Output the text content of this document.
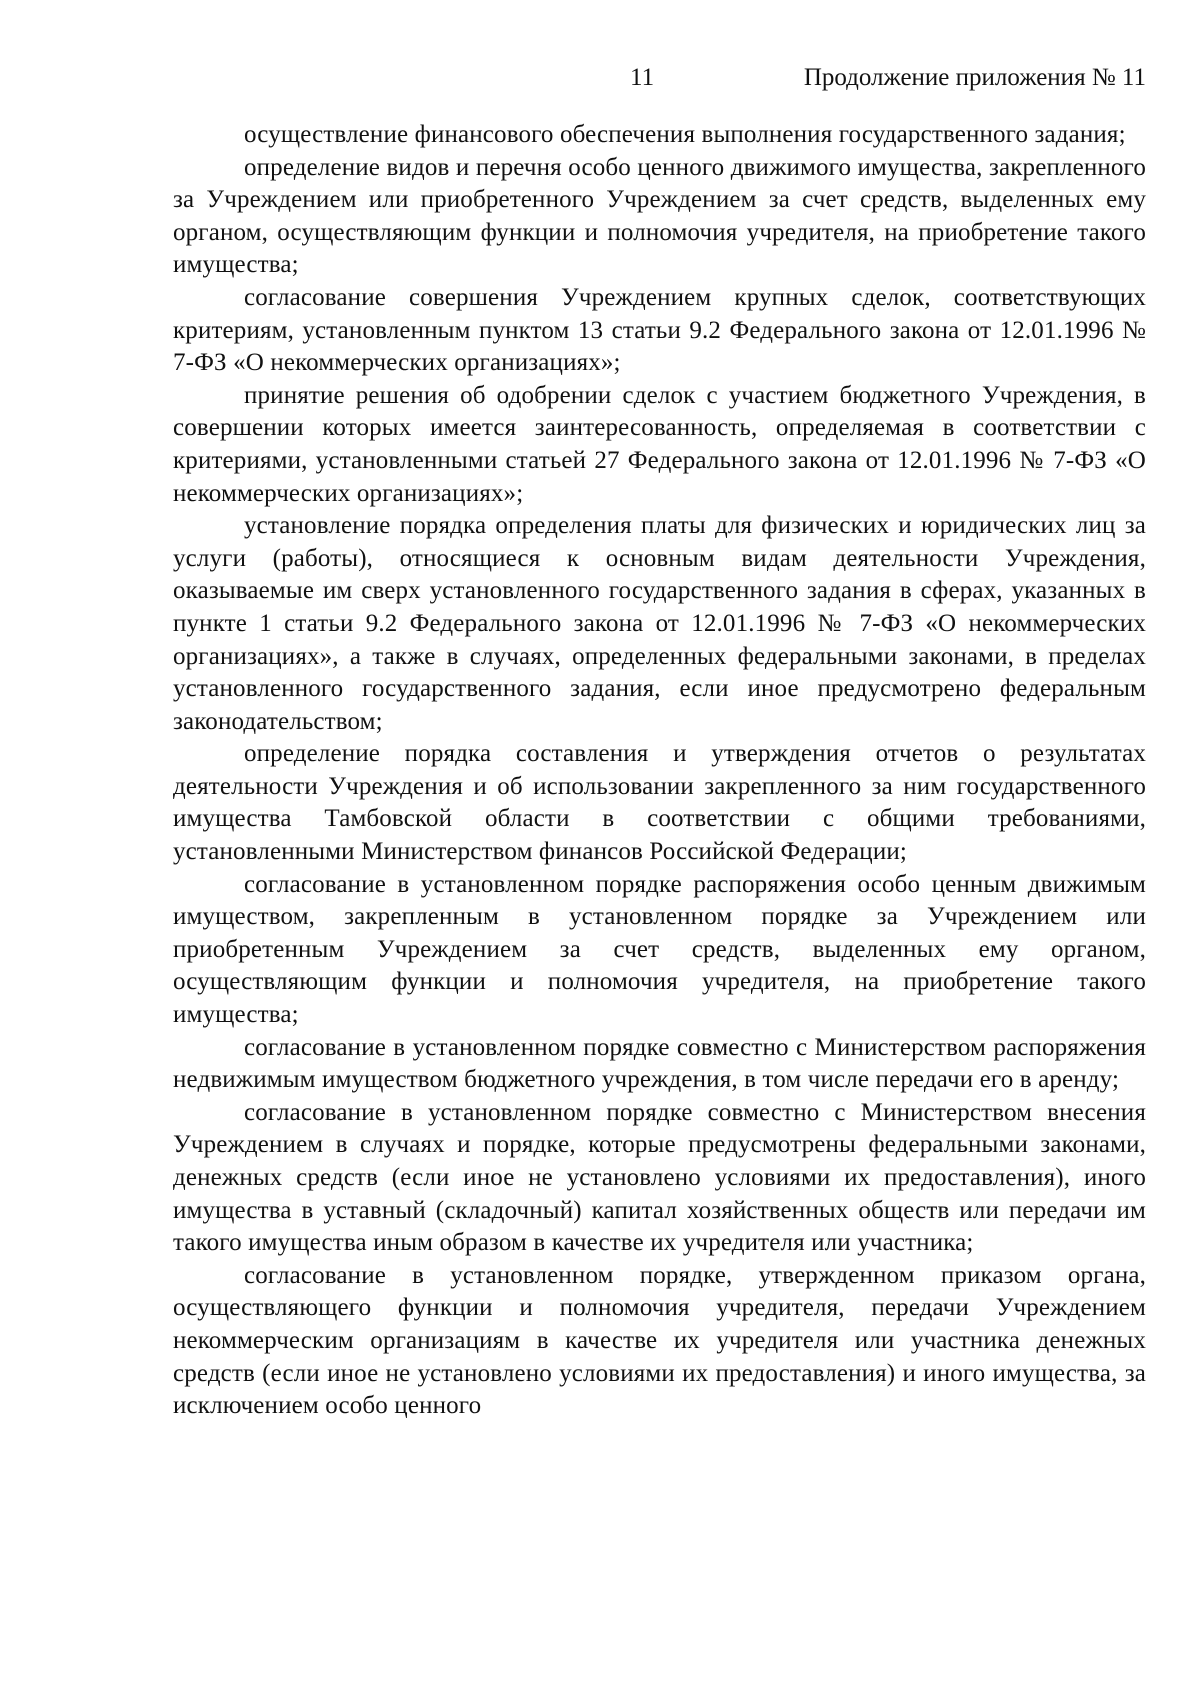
11	Продолжение приложения № 11

осуществление финансового обеспечения выполнения государственного задания;

определение видов и перечня особо ценного движимого имущества, закрепленного за Учреждением или приобретенного Учреждением за счет средств, выделенных ему органом, осуществляющим функции и полномочия учредителя, на приобретение такого имущества;

согласование совершения Учреждением крупных сделок, соответствующих критериям, установленным пунктом 13 статьи 9.2 Федерального закона от 12.01.1996 № 7-ФЗ «О некоммерческих организациях»;

принятие решения об одобрении сделок с участием бюджетного Учреждения, в совершении которых имеется заинтересованность, определяемая в соответствии с критериями, установленными статьей 27 Федерального закона от 12.01.1996 № 7-ФЗ «О некоммерческих организациях»;

установление порядка определения платы для физических и юридических лиц за услуги (работы), относящиеся к основным видам деятельности Учреждения, оказываемые им сверх установленного государственного задания в сферах, указанных в пункте 1 статьи 9.2 Федерального закона от 12.01.1996 № 7-ФЗ «О некоммерческих организациях», а также в случаях, определенных федеральными законами, в пределах установленного государственного задания, если иное предусмотрено федеральным законодательством;

определение порядка составления и утверждения отчетов о результатах деятельности Учреждения и об использовании закрепленного за ним государственного имущества Тамбовской области в соответствии с общими требованиями, установленными Министерством финансов Российской Федерации;

согласование в установленном порядке распоряжения особо ценным движимым имуществом, закрепленным в установленном порядке за Учреждением или приобретенным Учреждением за счет средств, выделенных ему органом, осуществляющим функции и полномочия учредителя, на приобретение такого имущества;

согласование в установленном порядке совместно с Министерством распоряжения недвижимым имуществом бюджетного учреждения, в том числе передачи его в аренду;

согласование в установленном порядке совместно с Министерством внесения Учреждением в случаях и порядке, которые предусмотрены федеральными законами, денежных средств (если иное не установлено условиями их предоставления), иного имущества в уставный (складочный) капитал хозяйственных обществ или передачи им такого имущества иным образом в качестве их учредителя или участника;

согласование в установленном порядке, утвержденном приказом органа, осуществляющего функции и полномочия учредителя, передачи Учреждением некоммерческим организациям в качестве их учредителя или участника денежных средств (если иное не установлено условиями их предоставления) и иного имущества, за исключением особо ценного
